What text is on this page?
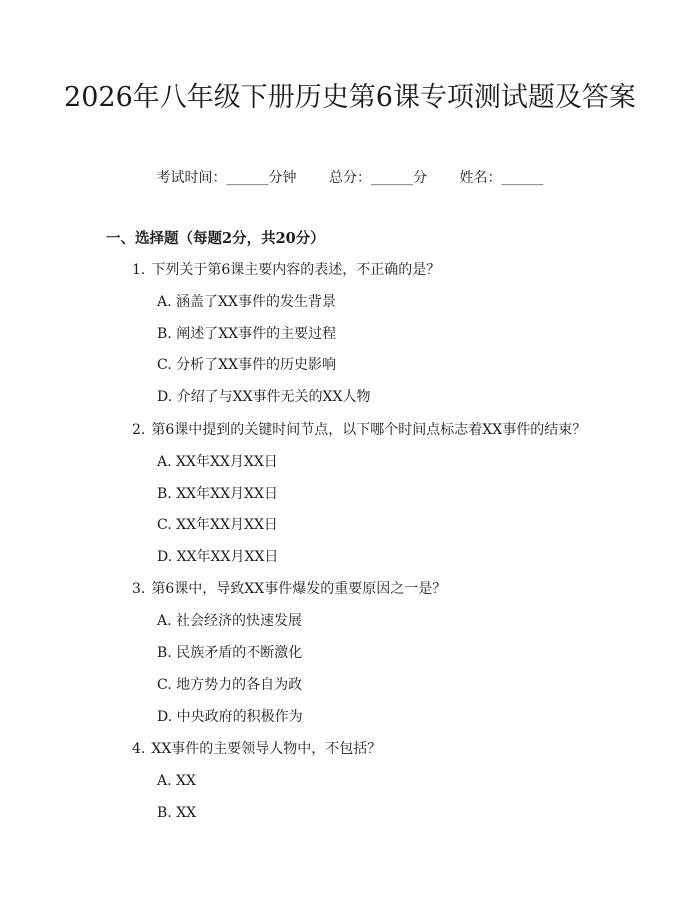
2026年八年级下册历史第6课专项测试题及答案
考试时间：______分钟 总分：______分 姓名：______
一、选择题（每题2分，共20分）
1. 下列关于第6课主要内容的表述，不正确的是？
A. 涵盖了XX事件的发生背景
B. 阐述了XX事件的主要过程
C. 分析了XX事件的历史影响
D. 介绍了与XX事件无关的XX人物
2. 第6课中提到的关键时间节点，以下哪个时间点标志着XX事件的结束？
A. XX年XX月XX日
B. XX年XX月XX日
C. XX年XX月XX日
D. XX年XX月XX日
3. 第6课中，导致XX事件爆发的重要原因之一是？
A. 社会经济的快速发展
B. 民族矛盾的不断激化
C. 地方势力的各自为政
D. 中央政府的积极作为
4. XX事件的主要领导人物中，不包括？
A. XX
B. XX
